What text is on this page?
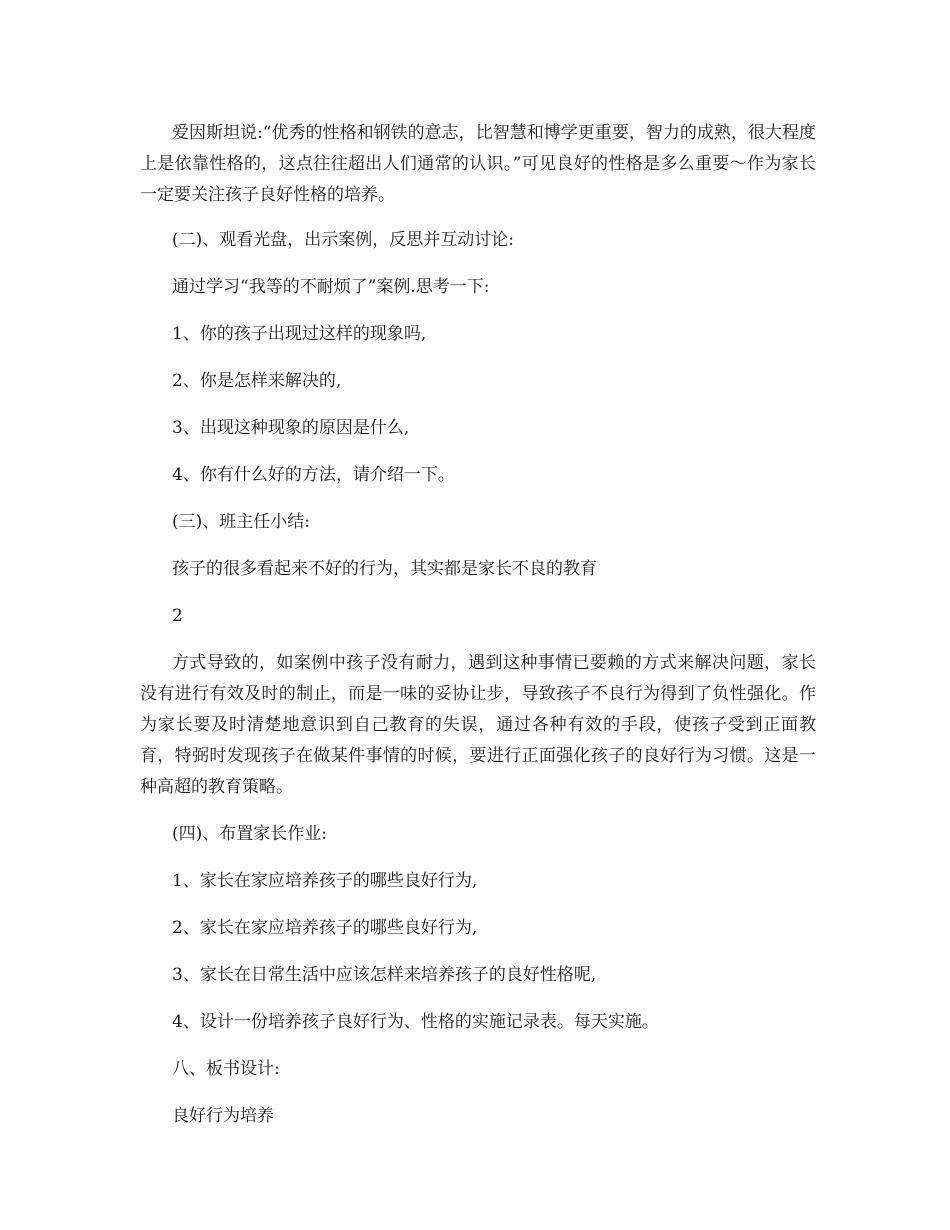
爱因斯坦说:“优秀的性格和钢铁的意志，比智慧和博学更重要，智力的成熟，很大程度上是依靠性格的，这点往往超出人们通常的认识。”可见良好的性格是多么重要～作为家长一定要关注孩子良好性格的培养。

(二)、观看光盘，出示案例，反思并互动讨论:

通过学习“我等的不耐烦了”案例.思考一下:

1、你的孩子出现过这样的现象吗,

2、你是怎样来解决的,

3、出现这种现象的原因是什么,

4、你有什么好的方法，请介绍一下。

(三)、班主任小结:

孩子的很多看起来不好的行为，其实都是家长不良的教育

2

方式导致的，如案例中孩子没有耐力，遇到这种事情已要赖的方式来解决问题，家长没有进行有效及时的制止，而是一味的妥协让步，导致孩子不良行为得到了负性强化。作为家长要及时清楚地意识到自己教育的失误，通过各种有效的手段，使孩子受到正面教育，特弼时发现孩子在做某件事情的时候，要进行正面强化孩子的良好行为习惯。这是一种高超的教育策略。

(四)、布置家长作业:

1、家长在家应培养孩子的哪些良好行为,

2、家长在家应培养孩子的哪些良好行为,

3、家长在日常生活中应该怎样来培养孩子的良好性格呢,

4、设计一份培养孩子良好行为、性格的实施记录表。每天实施。

八、板书设计:

良好行为培养
